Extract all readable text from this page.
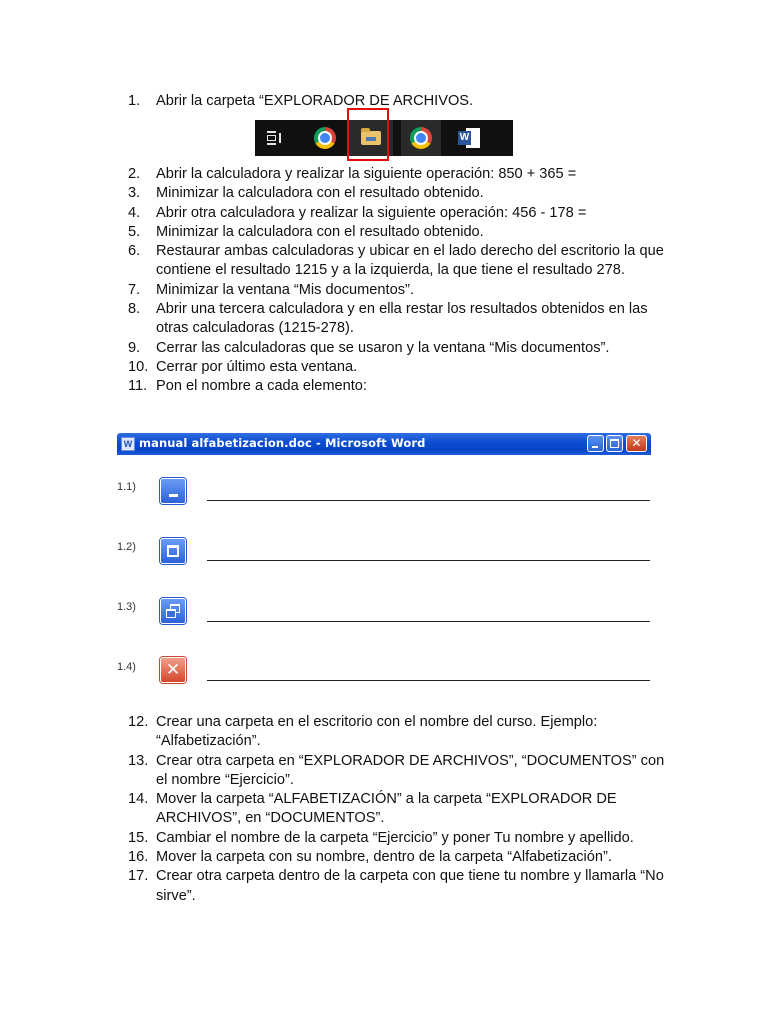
1.	Abrir la carpeta “EXPLORADOR DE ARCHIVOS.
W
2.	Abrir la calculadora y realizar la siguiente operación: 850 + 365 =
3.	Minimizar la calculadora con el resultado obtenido.
4.	Abrir otra calculadora y realizar la siguiente operación: 456 - 178 =
5.	Minimizar la calculadora con el resultado obtenido.
6.	Restaurar ambas calculadoras y ubicar en el lado derecho del escritorio la que contiene el resultado 1215 y a la izquierda, la que tiene el resultado 278.
7.	Minimizar la ventana “Mis documentos”.
8.	Abrir una tercera calculadora y en ella restar los resultados obtenidos en las otras calculadoras (1215-278).
9.	Cerrar las calculadoras que se usaron y la ventana “Mis documentos”.
10. Cerrar por último esta ventana.
11. Pon el nombre a cada elemento:
W manual alfabetizacion.doc - Microsoft Word	✕
1.1)
1.2)
1.3)
1.4) ✕
12. Crear una carpeta en el escritorio con el nombre del curso. Ejemplo: “Alfabetización”.
13. Crear otra carpeta en “EXPLORADOR DE ARCHIVOS”, “DOCUMENTOS” con el nombre “Ejercicio”.
14. Mover la carpeta “ALFABETIZACIÓN” a la carpeta “EXPLORADOR DE ARCHIVOS”, en “DOCUMENTOS”.
15. Cambiar el nombre de la carpeta “Ejercicio” y poner Tu nombre y apellido.
16. Mover la carpeta con su nombre, dentro de la carpeta “Alfabetización”.
17. Crear otra carpeta dentro de la carpeta con que tiene tu nombre y llamarla “No sirve”.
